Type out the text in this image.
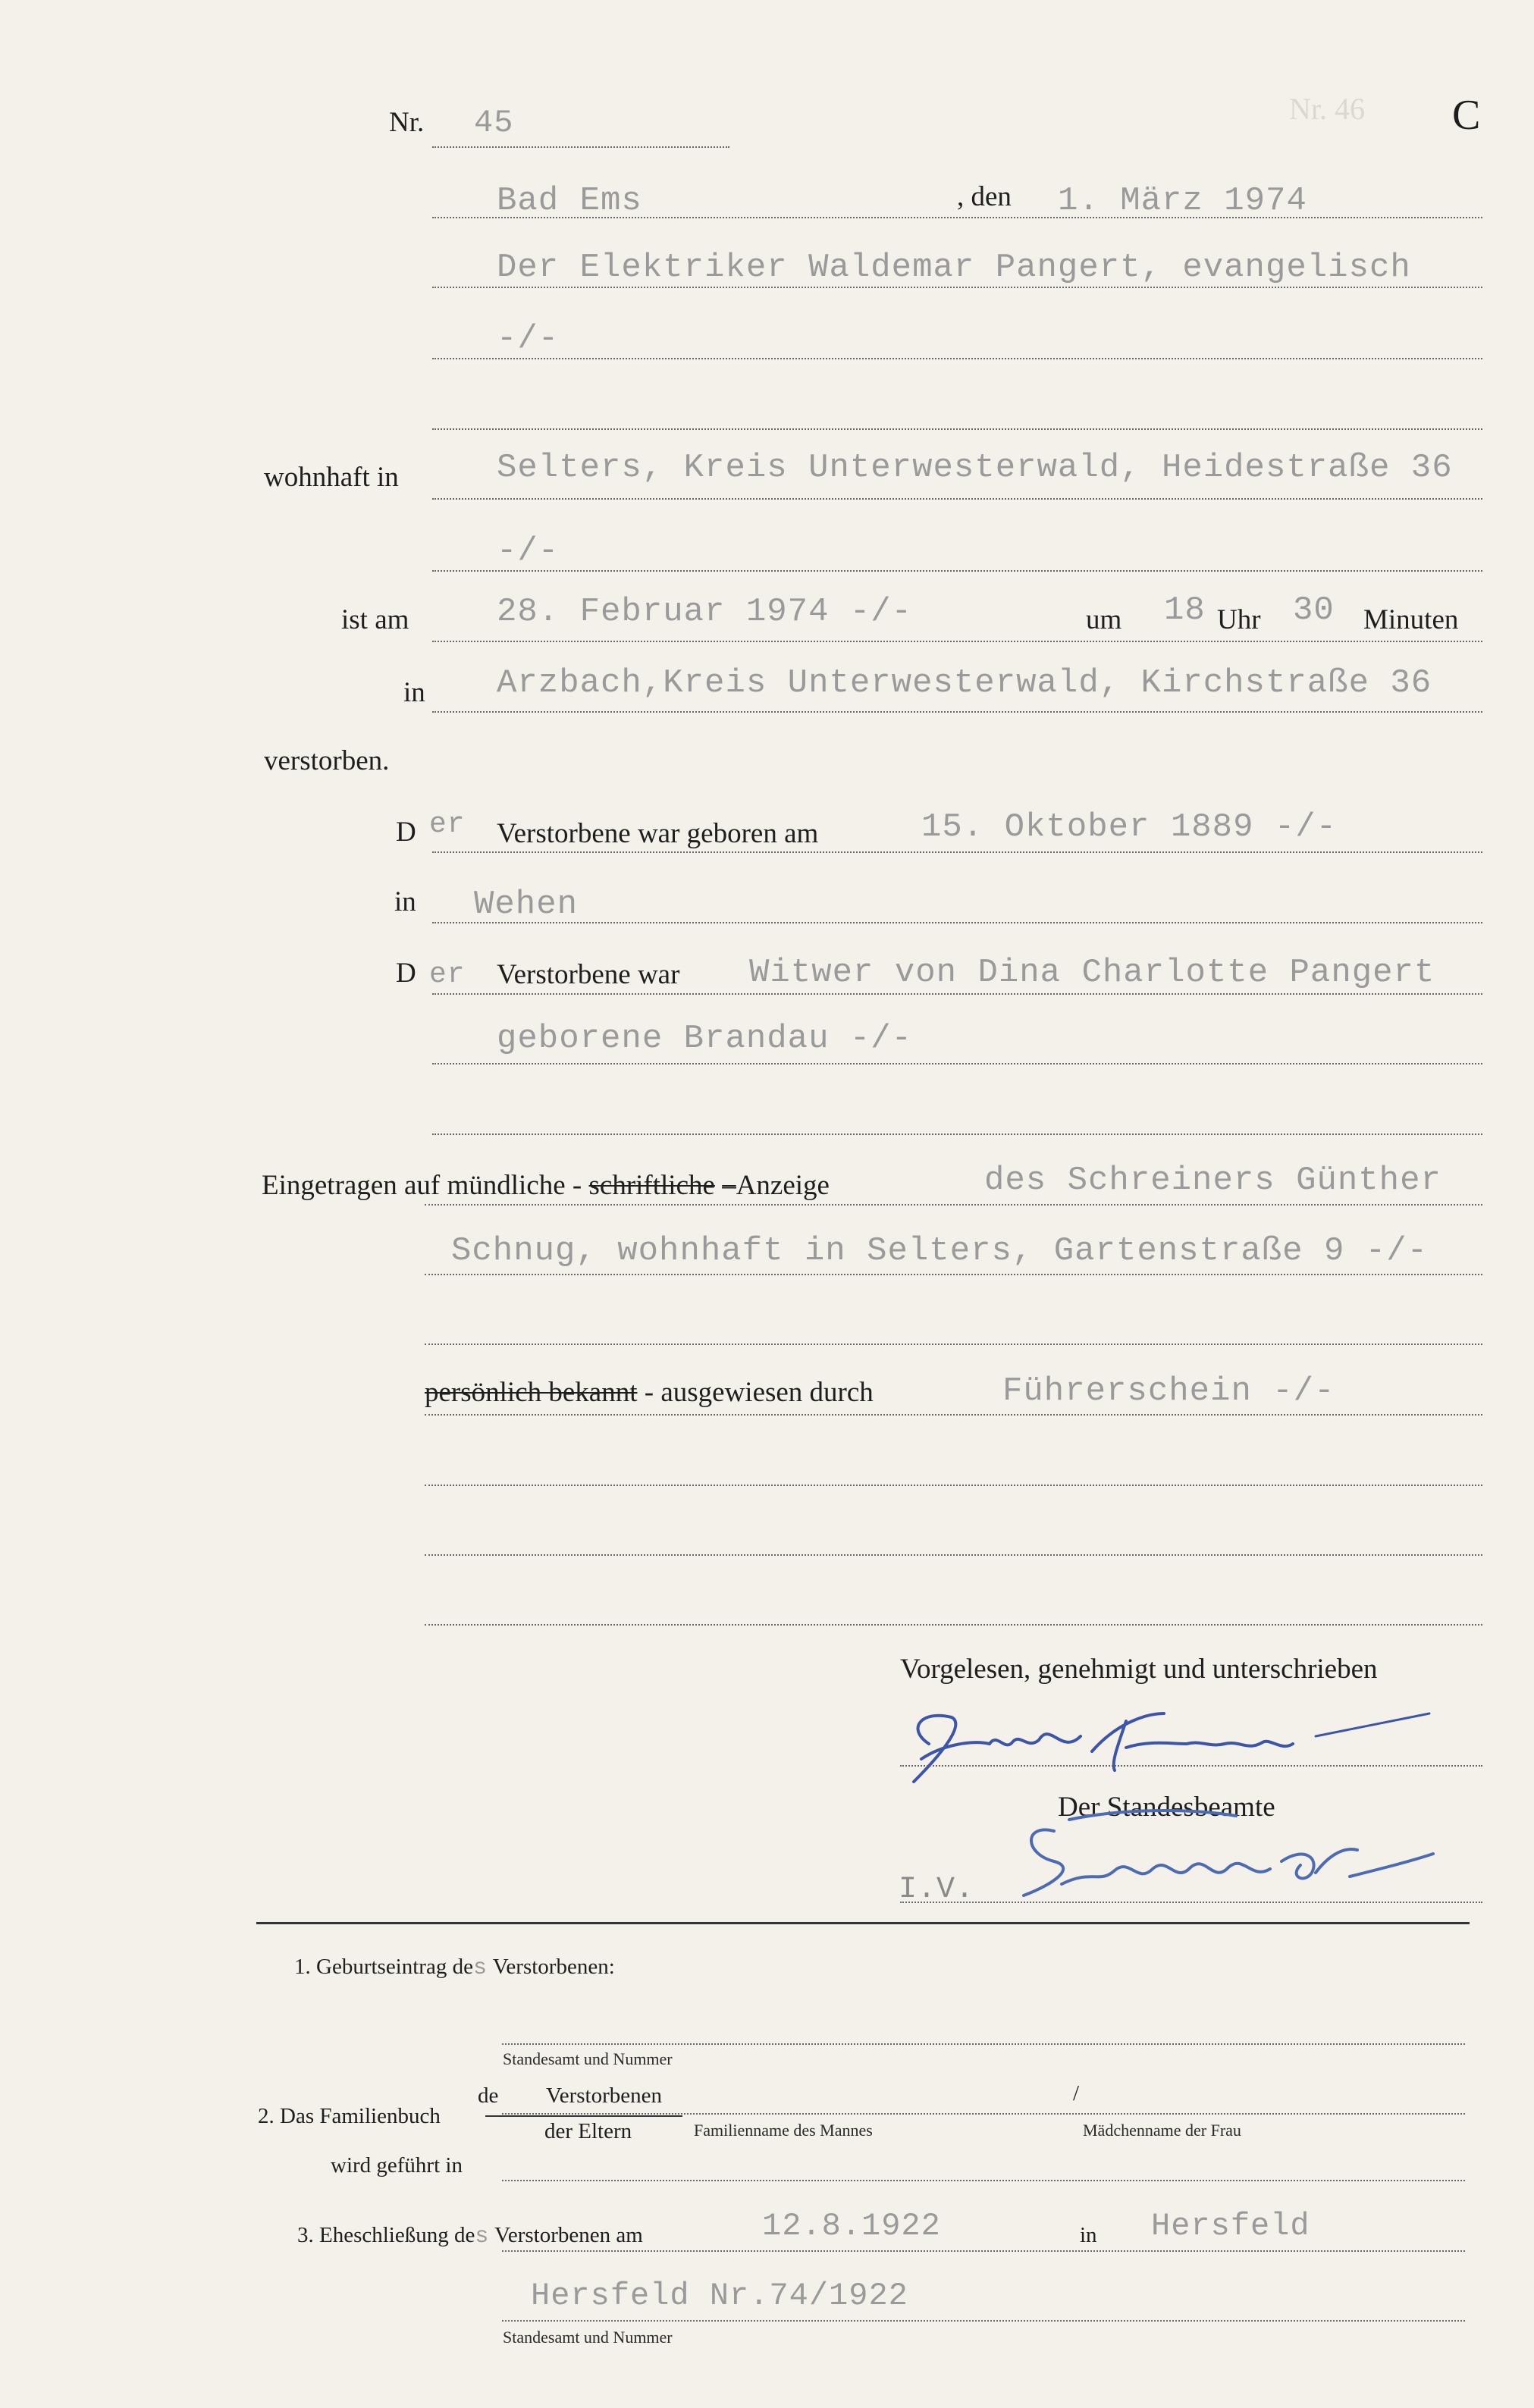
Nr. 46
Nr. 45	C
Bad Ems	, den 1. März 1974
Der Elektriker Waldemar Pangert, evangelisch
-/-
wohnhaft in	Selters, Kreis Unterwesterwald, Heidestraße 36
-/-
ist am	28. Februar 1974 -/-	um 18 Uhr 30 Minuten
in Arzbach,Kreis Unterwesterwald, Kirchstraße 36
verstorben.
D er Verstorbene war geboren am	15. Oktober 1889 -/-
in Wehen
D er Verstorbene war Witwer von Dina Charlotte Pangert
geborene Brandau -/-
Eingetragen auf mündliche - schriftliche –Anzeige	des Schreiners Günther
Schnug, wohnhaft in Selters, Gartenstraße 9 -/-
persönlich bekannt - ausgewiesen durch	Führerschein -/-
Vorgelesen, genehmigt und unterschrieben
Der Standesbeamte
I.V.
1. Geburtseintrag des Verstorbenen:
Standesamt und Nummer
2. Das Familienbuch
de Verstorbenen
der Eltern	Familienname des Mannes
/
Mädchenname der Frau
wird geführt in
3. Eheschließung des Verstorbenen am	12.8.1922	in Hersfeld
Hersfeld Nr.74/1922
Standesamt und Nummer
